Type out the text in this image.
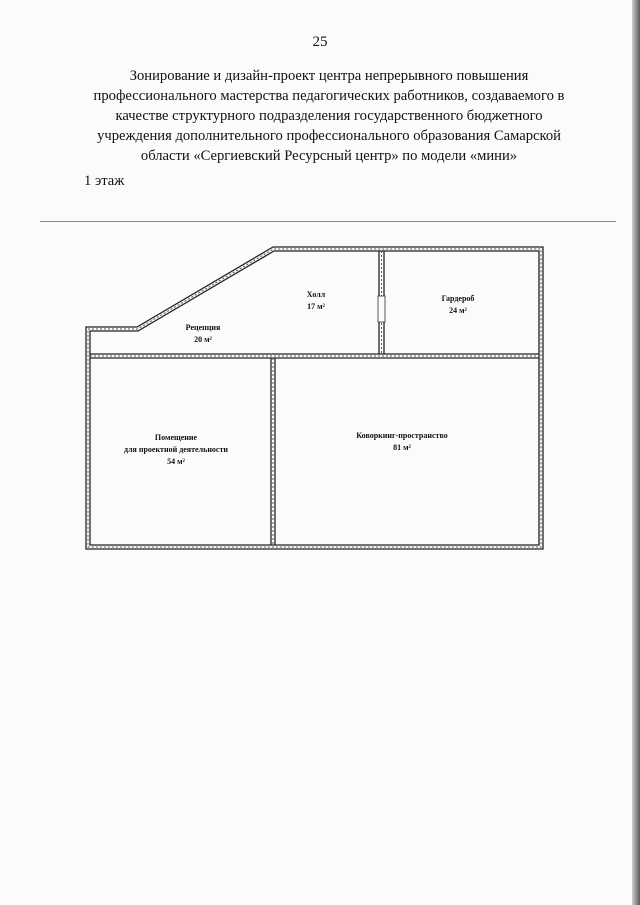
25
Зонирование и дизайн-проект центра непрерывного повышения
профессионального мастерства педагогических работников, создаваемого в
качестве структурного подразделения государственного бюджетного
учреждения дополнительного профессионального образования Самарской
области «Сергиевский Ресурсный центр» по модели «мини»
1 этаж
Рецепция
20 м²
Холл
17 м²
Гардероб
24 м²
Помещение
для проектной деятельности
54 м²
Коворкинг-пространство
81 м²
